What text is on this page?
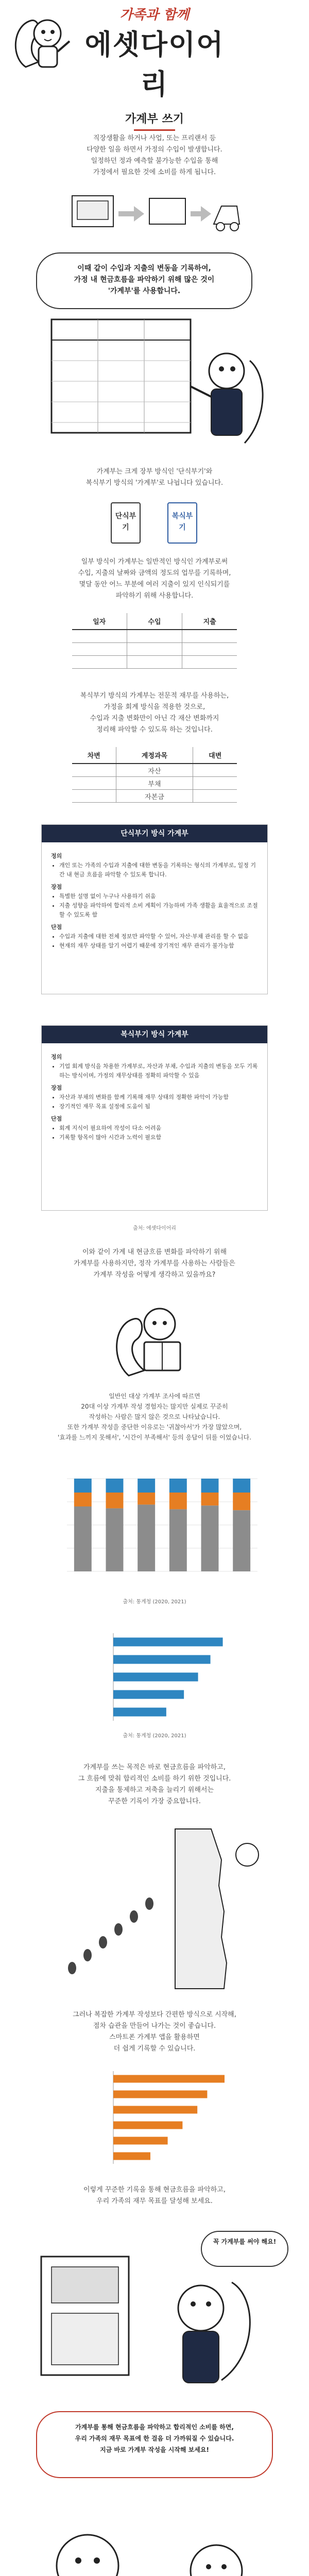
가족과 함께
에셋다이어리
가계부 쓰기
직장생활을 하거나 사업, 또는 프리랜서 등
다양한 일을 하면서 가정의 수입이 발생합니다.
일정하던 정과 예측할 불가능한 수입을 통해
가정에서 필요한 것에 소비를 하게 됩니다.
이때 같이 수입과 지출의 변동을 기록하여,
가정 내 현금흐름을 파악하기 위해 많은 것이
'가계부'를 사용합니다.
가계부는 크게 장부 방식인 '단식부기'와
복식부기 방식의 '가계부'로 나뉩니다 있습니다.
단식부기
복식부기
일부 방식이 가계부는 일반적인 방식인 가계부로써
수입, 지출의 날짜와 금액의 정도의 업무를 기록하며,
몇달 동안 어느 부분에 여러 지출이 있지 인식되기를
파악하기 위해 사용합니다.
일자	수입	지출

복식부기 방식의 가계부는 전문적 재무를 사용하는,
가정을 회계 방식을 적용한 것으로,
수입과 지출 변화만이 아닌 각 재산 변화까지
정리해 파악할 수 있도록 하는 것입니다.
차변	계정과목	대변
	자산	
	부채	
	자본금	
단식부기 방식 가계부
정의
• 개인 또는 가족의 수입과 지출에 대한 변동을 기록하는 형식의 가계부로, 일정 기간 내 현금 흐름을 파악할 수 있도록 합니다.
장점
• 특별한 설명 없이 누구나 사용하기 쉬움
• 지출 성향을 파악하여 합리적 소비 계획이 가능하며 가족 생활을 효율적으로 조절 할 수 있도록 함
단점
• 수입과 지출에 대한 전체 정보만 파악할 수 있어, 자산·부채 관리를 할 수 없음
• 현재의 재무 상태를 알기 어렵기 때문에 장기적인 재무 관리가 불가능함
복식부기 방식 가계부
정의
• 기업 회계 방식을 차용한 가계부로, 자산과 부채, 수입과 지출의 변동을 모두 기록하는 방식이며, 가정의 재무상태를 정확히 파악할 수 있음
장점
• 자산과 부채의 변화를 함께 기록해 재무 상태의 정확한 파악이 가능함
• 장기적인 재무 목표 설정에 도움이 됨
단점
• 회계 지식이 필요하여 작성이 다소 어려움
• 기록할 항목이 많아 시간과 노력이 필요함
출처: 에셋다이어리
이와 같이 가계 내 현금흐름 변화를 파악하기 위해
가계부를 사용하지만, 정작 가계부를 사용하는 사람들은
가계부 작성을 어떻게 생각하고 있을까요?
일반인 대상 가계부 조사에 따르면
20대 이상 가계부 작성 경험자는 많지만 실제로 꾸준히
작성하는 사람은 많지 않은 것으로 나타났습니다.
또한 가계부 작성을 중단한 이유로는 '귀찮아서'가 가장 많았으며,
'효과를 느끼지 못해서', '시간이 부족해서' 등의 응답이 뒤를 이었습니다.
출처: 통계청 (2020, 2021)
출처: 통계청 (2020, 2021)
가계부를 쓰는 목적은 바로 현금흐름을 파악하고,
그 흐름에 맞춰 합리적인 소비를 하기 위한 것입니다.
지출을 통제하고 저축을 늘리기 위해서는
꾸준한 기록이 가장 중요합니다.
그러나 복잡한 가계부 작성보다 간편한 방식으로 시작해,
점차 습관을 만들어 나가는 것이 좋습니다.
스마트폰 가계부 앱을 활용하면
더 쉽게 기록할 수 있습니다.
이렇게 꾸준한 기록을 통해 현금흐름을 파악하고,
우리 가족의 재무 목표를 달성해 보세요.
꼭 가계부를 써야 해요!
가계부를 통해 현금흐름을 파악하고 합리적인 소비를 하면,
우리 가족의 재무 목표에 한 걸음 더 가까워질 수 있습니다.
지금 바로 가계부 작성을 시작해 보세요!
